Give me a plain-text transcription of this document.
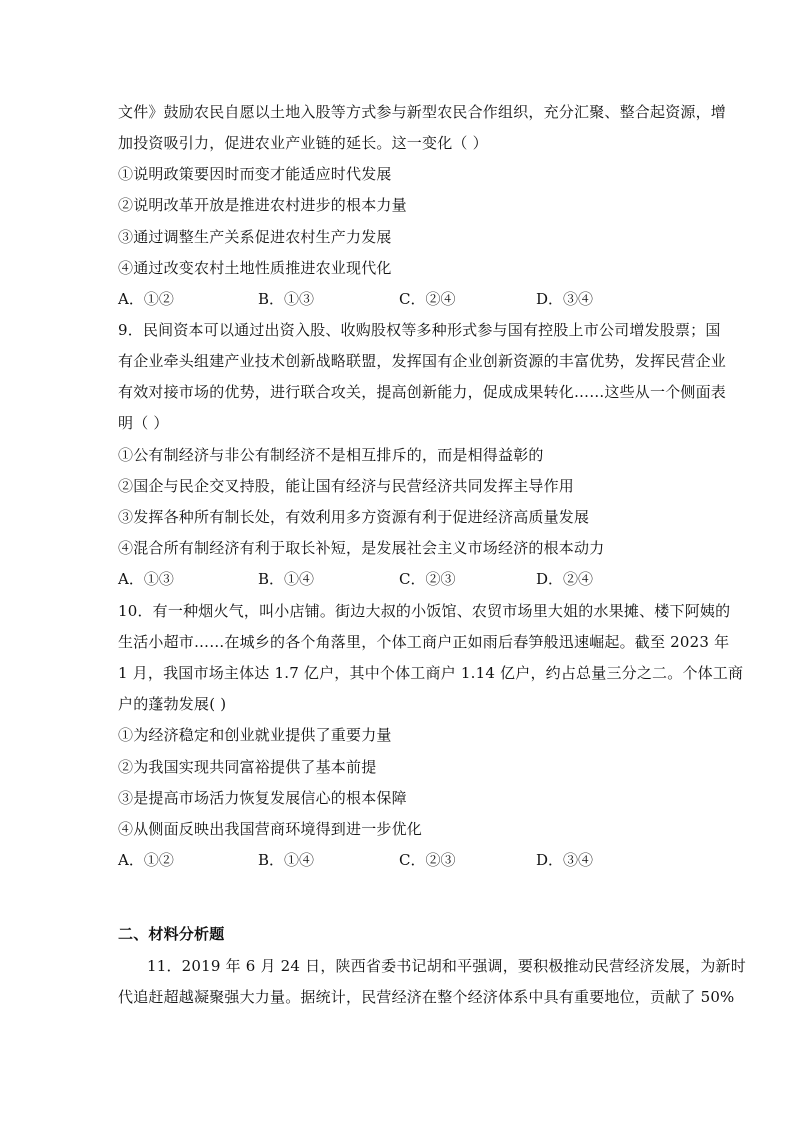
文件》鼓励农民自愿以土地入股等方式参与新型农民合作组织，充分汇聚、整合起资源，增
加投资吸引力，促进农业产业链的延长。这一变化（ ）
①说明政策要因时而变才能适应时代发展
②说明改革开放是推进农村进步的根本力量
③通过调整生产关系促进农村生产力发展
④通过改变农村土地性质推进农业现代化
A．①②	B．①③	C．②④	D．③④
9．民间资本可以通过出资入股、收购股权等多种形式参与国有控股上市公司增发股票；国
有企业牵头组建产业技术创新战略联盟，发挥国有企业创新资源的丰富优势，发挥民营企业
有效对接市场的优势，进行联合攻关，提高创新能力，促成成果转化……这些从一个侧面表
明（ ）
①公有制经济与非公有制经济不是相互排斥的，而是相得益彰的
②国企与民企交叉持股，能让国有经济与民营经济共同发挥主导作用
③发挥各种所有制长处，有效利用多方资源有利于促进经济高质量发展
④混合所有制经济有利于取长补短，是发展社会主义市场经济的根本动力
A．①③	B．①④	C．②③	D．②④
10．有一种烟火气，叫小店铺。街边大叔的小饭馆、农贸市场里大姐的水果摊、楼下阿姨的
生活小超市……在城乡的各个角落里，个体工商户正如雨后春笋般迅速崛起。截至 2023 年
1 月，我国市场主体达 1.7 亿户，其中个体工商户 1.14 亿户，约占总量三分之二。个体工商
户的蓬勃发展( )
①为经济稳定和创业就业提供了重要力量
②为我国实现共同富裕提供了基本前提
③是提高市场活力恢复发展信心的根本保障
④从侧面反映出我国营商环境得到进一步优化
A．①②	B．①④	C．②③	D．③④
二、材料分析题
11．2019 年 6 月 24 日，陕西省委书记胡和平强调，要积极推动民营经济发展，为新时
代追赶超越凝聚强大力量。据统计，民营经济在整个经济体系中具有重要地位，贡献了 50%
